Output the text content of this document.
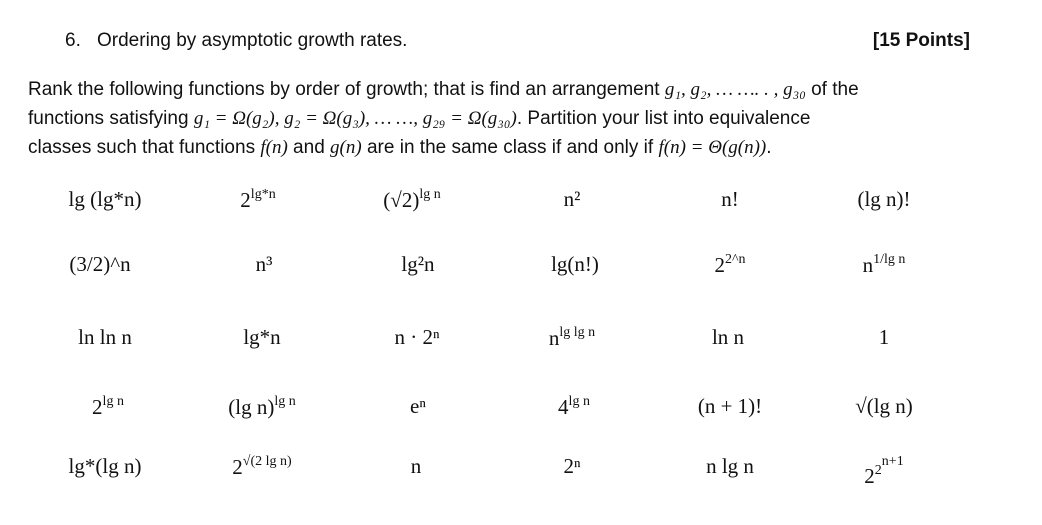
6. Ordering by asymptotic growth rates.	[15 Points]
Rank the following functions by order of growth; that is find an arrangement g₁, g₂, … …. . , g₃₀ of the
functions satisfying g₁ = Ω(g₂), g₂ = Ω(g₃), … …, g₂₉ = Ω(g₃₀). Partition your list into equivalence
classes such that functions f(n) and g(n) are in the same class if and only if f(n) = Θ(g(n)).
lg (lg*n)	$2^{lg*n}$	$(√2)^{lg n}$	n²	n!	(lg n)!
(3/2)^n	n³	lg²n	lg(n!)	$2^{2\^{}n}$	$n^{1/lg n}$
ln ln n	lg*n	n · 2ⁿ	$n^{lg lg n}$	ln n	1
$2^{lg n}$	(lg n)$^{lg n}$	eⁿ	$4^{lg n}$	(n + 1)!	√(lg n)
lg*(lg n)	$2^{√(2 lg n)}$	n	2ⁿ	n lg n	$2^{2n+1}$
